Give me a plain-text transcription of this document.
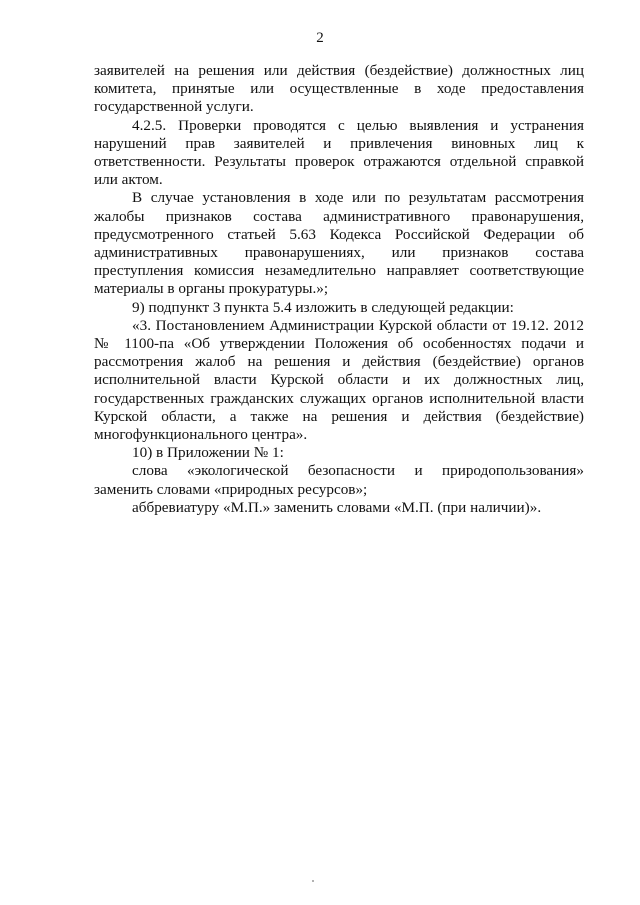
2

заявителей на решения или действия (бездействие) должностных лиц комитета, принятые или осуществленные в ходе предоставления государственной услуги.

4.2.5. Проверки проводятся с целью выявления и устранения нарушений прав заявителей и привлечения виновных лиц к ответственности. Результаты проверок отражаются отдельной справкой или актом.

В случае установления в ходе или по результатам рассмотрения жалобы признаков состава административного правонарушения, предусмотренного статьей 5.63 Кодекса Российской Федерации об административных правонарушениях, или признаков состава преступления комиссия незамедлительно направляет соответствующие материалы в органы прокуратуры.»;

9) подпункт 3 пункта 5.4 изложить в следующей редакции:

«3. Постановлением Администрации Курской области от 19.12. 2012 № 1100-па «Об утверждении Положения об особенностях подачи и рассмотрения жалоб на решения и действия (бездействие) органов исполнительной власти Курской области и их должностных лиц, государственных гражданских служащих органов исполнительной власти Курской области, а также на решения и действия (бездействие) многофункционального центра».

10) в Приложении № 1:

слова «экологической безопасности и природопользования» заменить словами «природных ресурсов»;

аббревиатуру «М.П.» заменить словами «М.П. (при наличии)».
